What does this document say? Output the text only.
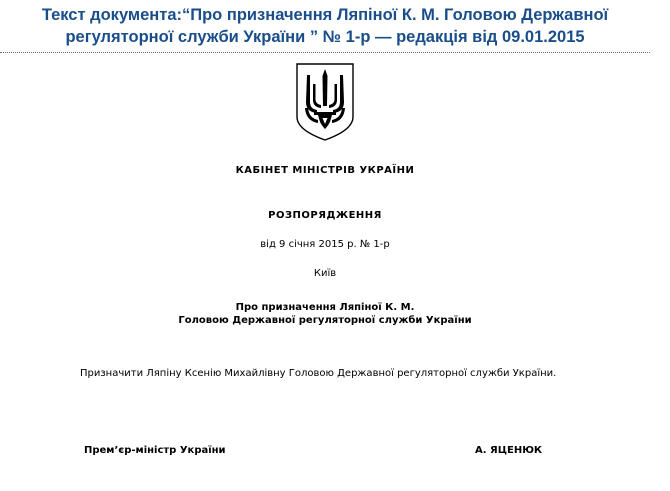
Текст документа:“Про призначення Ляпіної К. М. Головою Державної
регуляторної служби України ” № 1-р — редакція від 09.01.2015
КАБІНЕТ МІНІСТРІВ УКРАЇНИ
РОЗПОРЯДЖЕННЯ
від 9 січня 2015 р. № 1-р
Київ
Про призначення Ляпіної К. М.
Головою Державної регуляторної служби України
Призначити Ляпіну Ксенію Михайлівну Головою Державної регуляторної служби України.
Прем’єр-міністр України	А. ЯЦЕНЮК
